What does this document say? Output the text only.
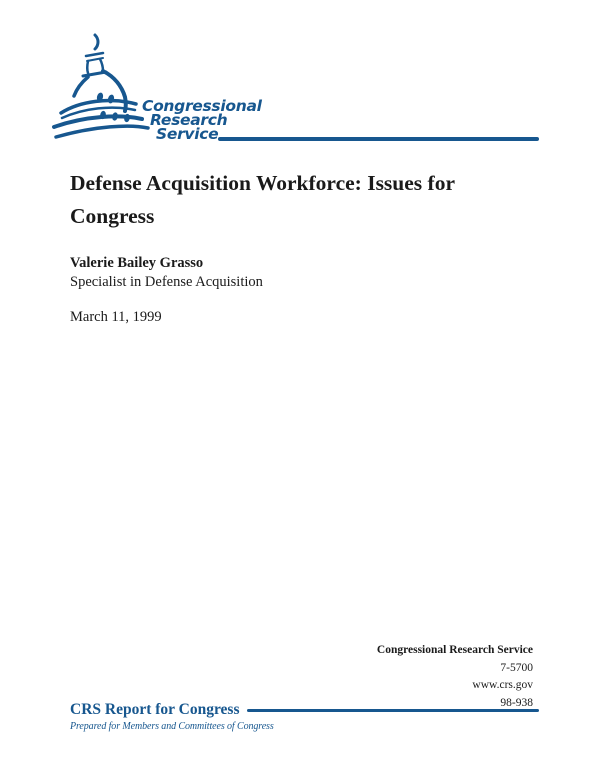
Congressional
Research
Service
Defense Acquisition Workforce: Issues for
Congress
Valerie Bailey Grasso
Specialist in Defense Acquisition
March 11, 1999
Congressional Research Service
7-5700
www.crs.gov
98-938
CRS Report for Congress
Prepared for Members and Committees of Congress
